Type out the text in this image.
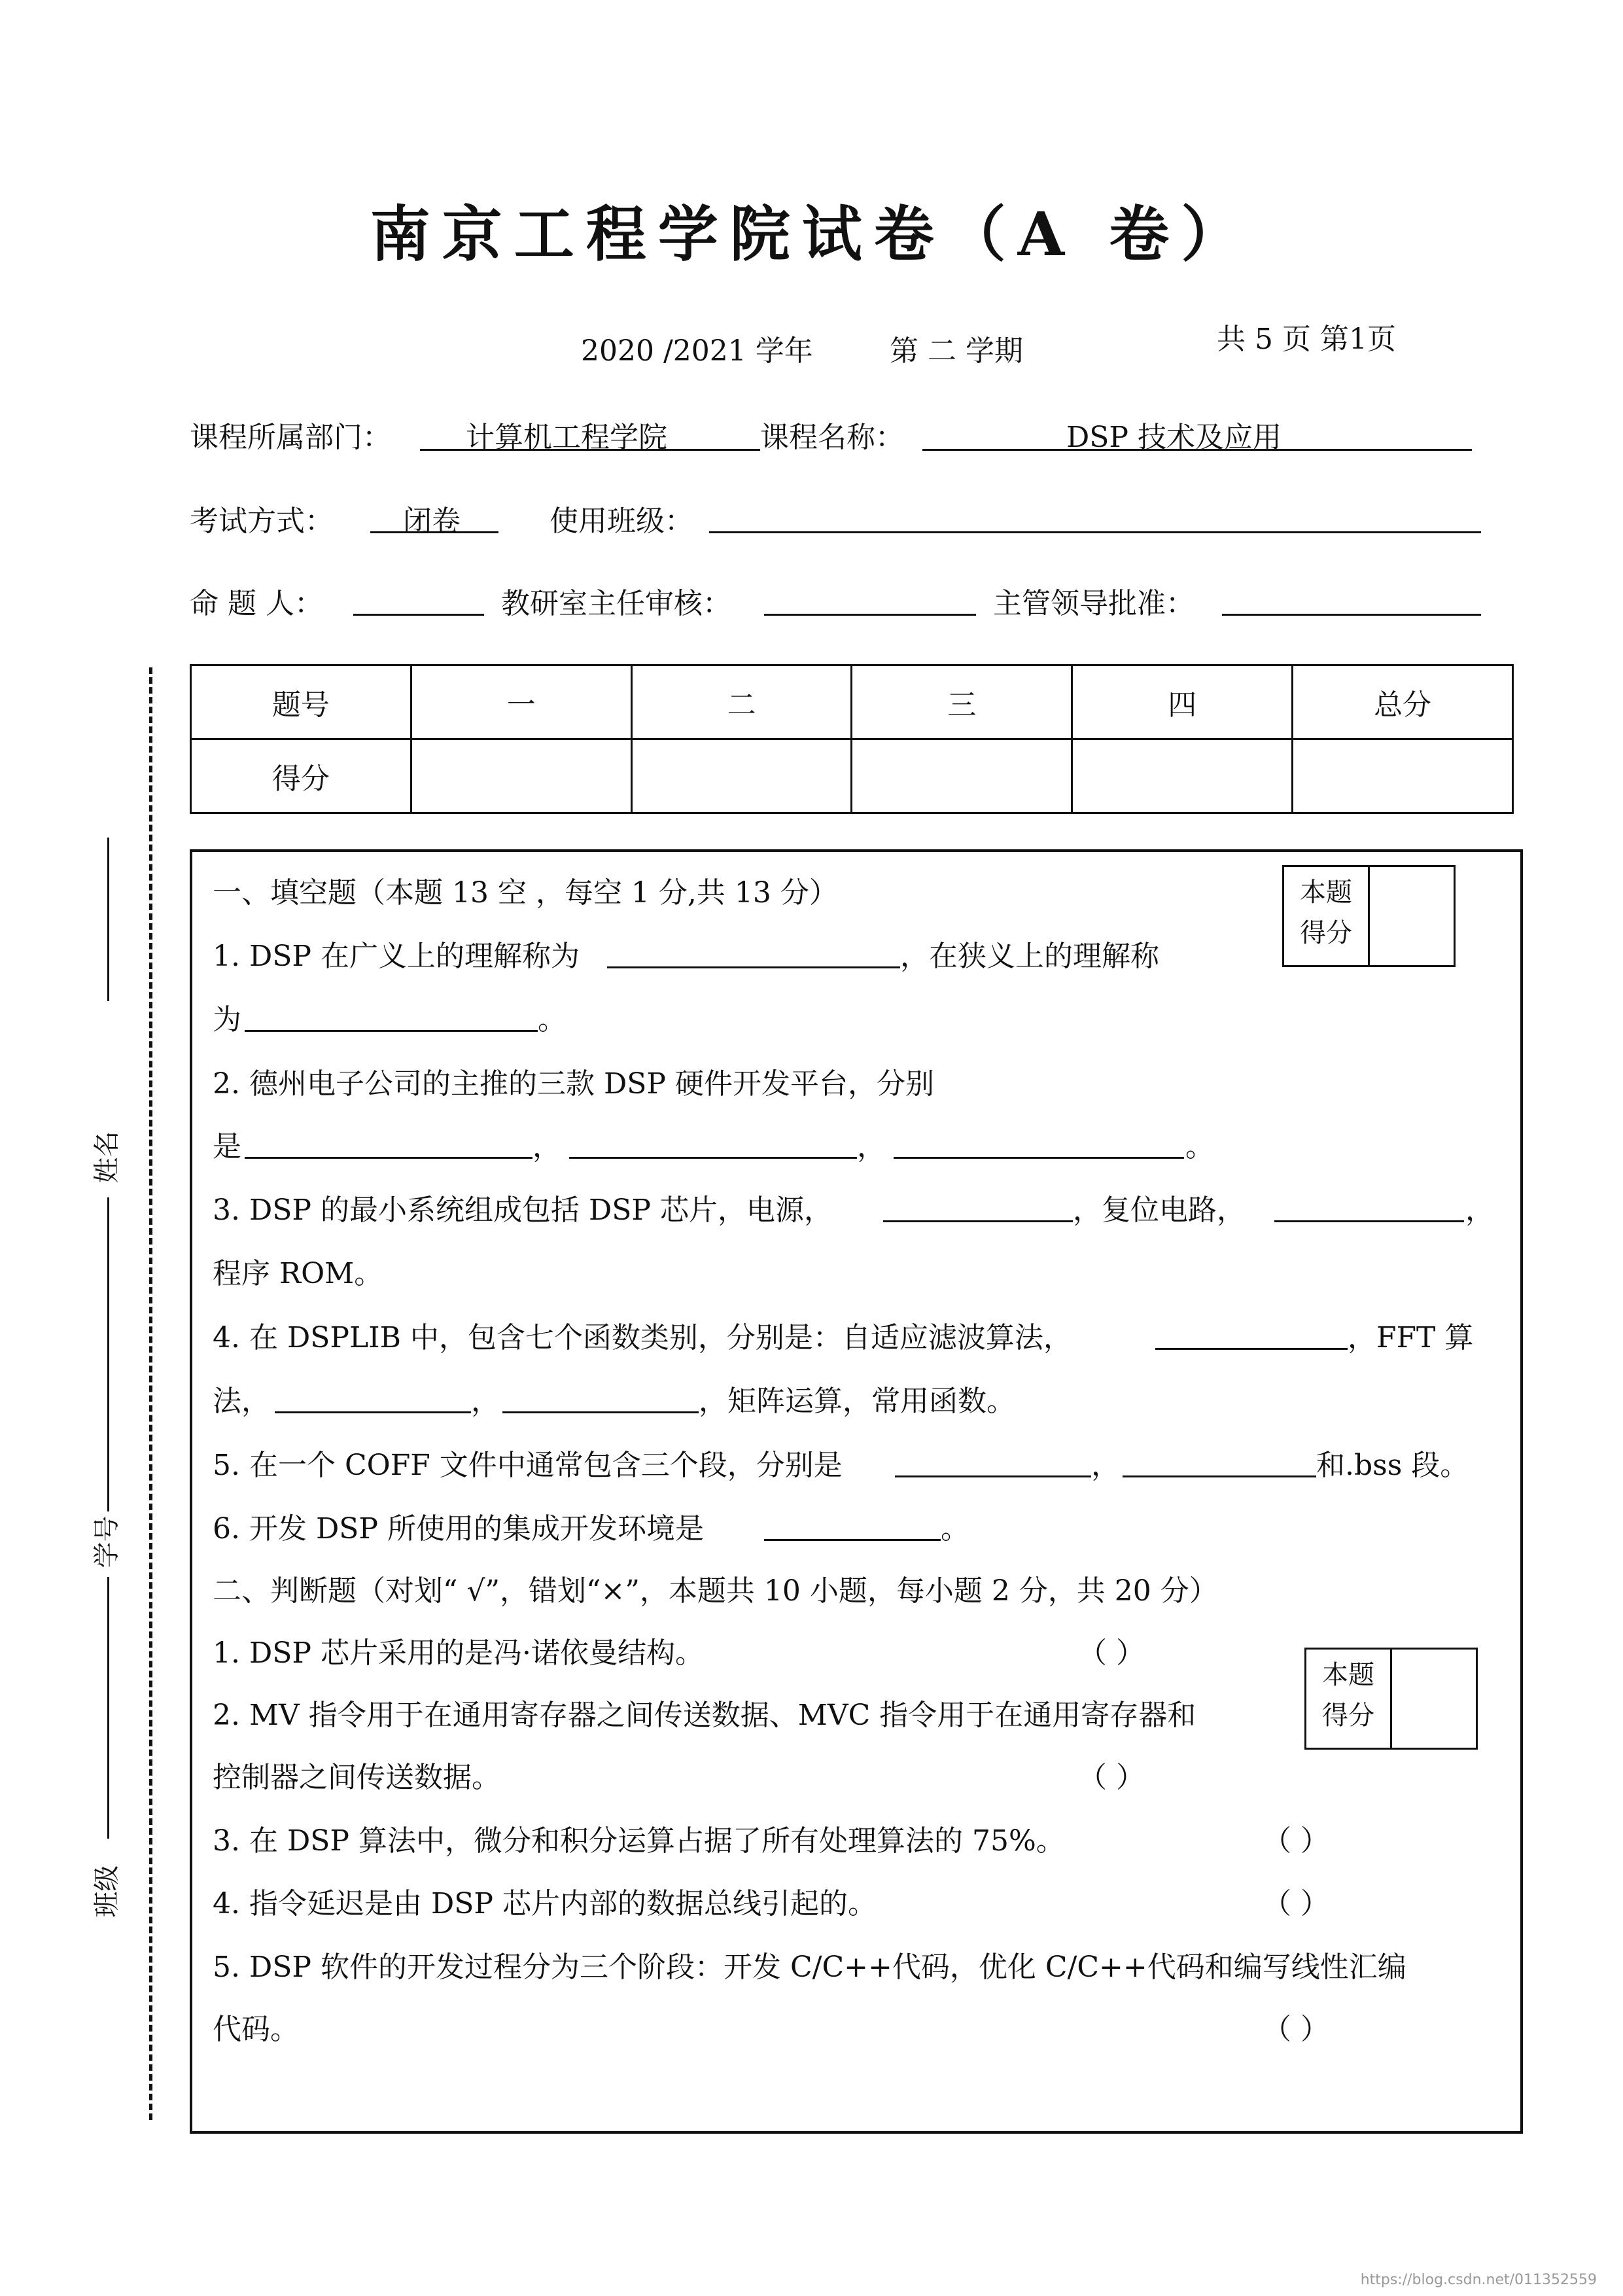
南京工程学院试卷（A 卷）
2020 /2021 学年	第 二 学期	共 5 页 第1页
课程所属部门：	计算机工程学院	课程名称：	DSP 技术及应用
考试方式： 闭卷	使用班级：
命 题 人：	教研室主任审核：	主管领导批准：
题号	一	二	三	四	总分
得分					
姓名
学号
班级
一、填空题（本题 13 空 ，每空 1 分,共 13 分）	本题
得分
1. DSP 在广义上的理解称为	，在狭义上的理解称
为	。
2. 德州电子公司的主推的三款 DSP 硬件开发平台，分别
是	，	，	。
3. DSP 的最小系统组成包括 DSP 芯片，电源，	，复位电路，	，
程序 ROM。
4. 在 DSPLIB 中，包含七个函数类别，分别是：自适应滤波算法，	，FFT 算
法，	，	，矩阵运算，常用函数。
5. 在一个 COFF 文件中通常包含三个段，分别是	，	和.bss 段。
6. 开发 DSP 所使用的集成开发环境是	。
二、判断题（对划“ √”，错划“×”，本题共 10 小题，每小题 2 分，共 20 分）
本题
得分
1. DSP 芯片采用的是冯·诺依曼结构。	（ ）
2. MV 指令用于在通用寄存器之间传送数据、MVC 指令用于在通用寄存器和
控制器之间传送数据。	（ ）
3. 在 DSP 算法中，微分和积分运算占据了所有处理算法的 75%。	（ ）
4. 指令延迟是由 DSP 芯片内部的数据总线引起的。	（ ）
5. DSP 软件的开发过程分为三个阶段：开发 C/C++代码，优化 C/C++代码和编写线性汇编
代码。	（ ）
https://blog.csdn.net/011352559
